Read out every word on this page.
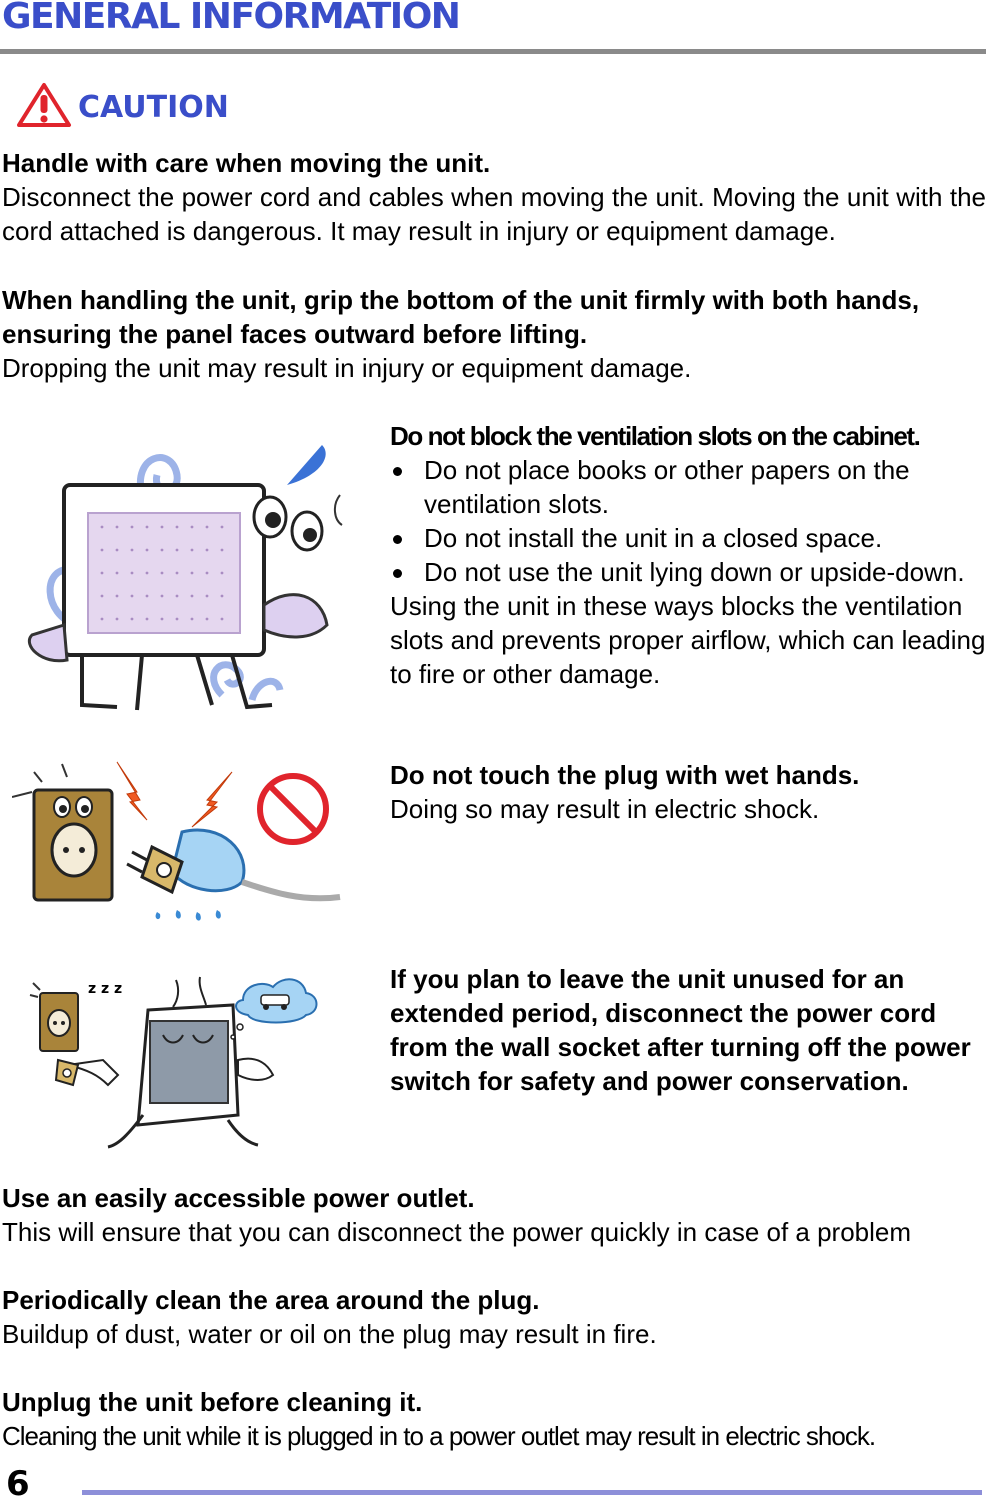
GENERAL INFORMATION
CAUTION
Handle with care when moving the unit.
Disconnect the power cord and cables when moving the unit. Moving the unit with the cord attached is dangerous. It may result in injury or equipment damage.
When handling the unit, grip the bottom of the unit firmly with both hands, ensuring the panel faces outward before lifting.
Dropping the unit may result in injury or equipment damage.
Do not block the ventilation slots on the cabinet.
Do not place books or other papers on the ventilation slots.
Do not install the unit in a closed space.
Do not use the unit lying down or upside-down.
Using the unit in these ways blocks the ventilation slots and prevents proper airflow, which can leading to fire or other damage.
Do not touch the plug with wet hands.
Doing so may result in electric shock.
z z z	If you plan to leave the unit unused for an extended period, disconnect the power cord from the wall socket after turning off the power switch for safety and power conservation.
Use an easily accessible power outlet.
This will ensure that you can disconnect the power quickly in case of a problem
Periodically clean the area around the plug.
Buildup of dust, water or oil on the plug may result in fire.
Unplug the unit before cleaning it.
Cleaning the unit while it is plugged in to a power outlet may result in electric shock.
6
